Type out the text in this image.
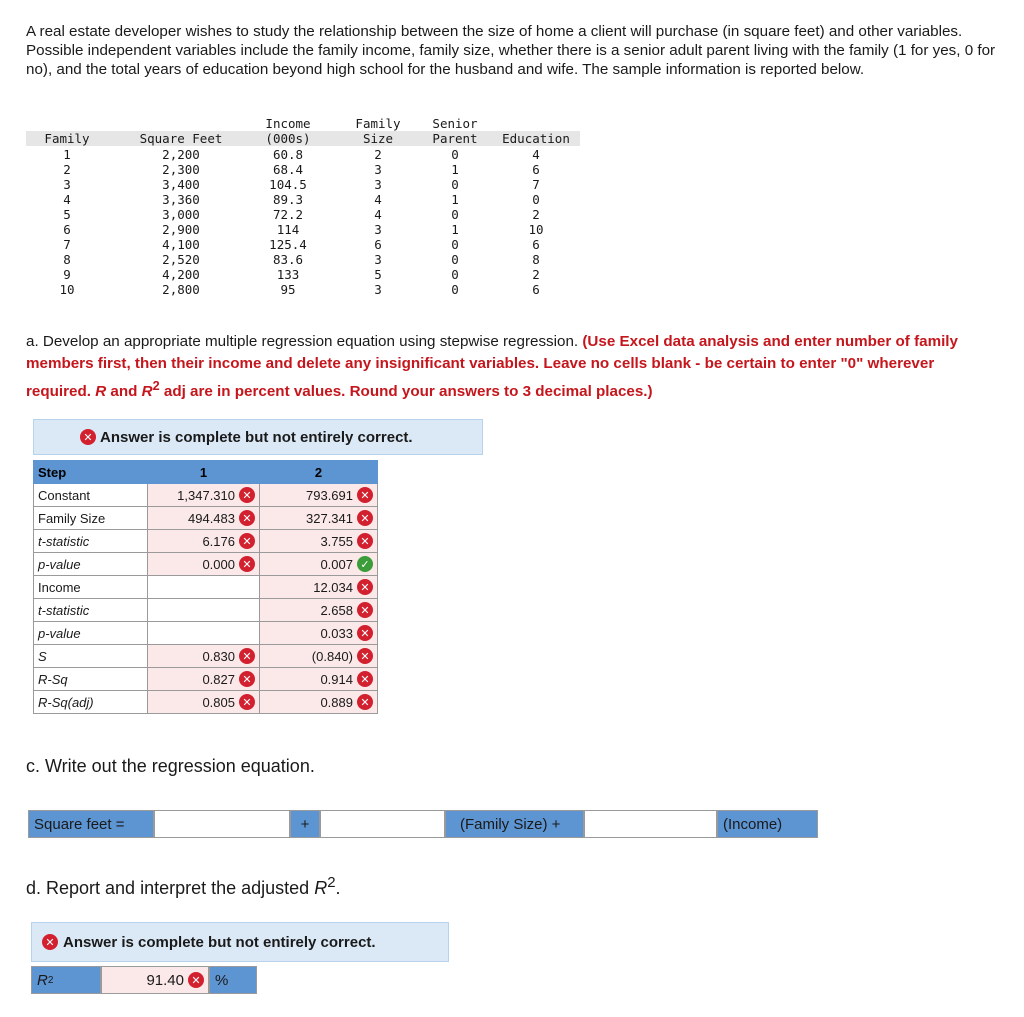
A real estate developer wishes to study the relationship between the size of home a client will purchase (in square feet) and other variables. Possible independent variables include the family income, family size, whether there is a senior adult parent living with the family (1 for yes, 0 for no), and the total years of education beyond high school for the husband and wife. The sample information is reported below.
Income	Family	Senior
Family	Square Feet	(000s)	Size	Parent	Education
1	2,200	60.8	2	0	4
2	2,300	68.4	3	1	6
3	3,400	104.5	3	0	7
4	3,360	89.3	4	1	0
5	3,000	72.2	4	0	2
6	2,900	114	3	1	10
7	4,100	125.4	6	0	6
8	2,520	83.6	3	0	8
9	4,200	133	5	0	2
10	2,800	95	3	0	6
a. Develop an appropriate multiple regression equation using stepwise regression. (Use Excel data analysis and enter number of family members first, then their income and delete any insignificant variables. Leave no cells blank - be certain to enter "0" wherever required. R and $R^2$ adj are in percent values. Round your answers to 3 decimal places.)
✕ Answer is complete but not entirely correct.
Step	1	2
Constant	1,347.310 ✕	793.691 ✕

Family Size	494.483 ✕	327.341 ✕

t-statistic	6.176 ✕	3.755 ✕

p-value	0.000 ✕	0.007 ✓

Income		12.034 ✕

t-statistic		2.658 ✕

p-value		0.033 ✕

S	0.830 ✕	(0.840) ✕

R-Sq	0.827 ✕	0.914 ✕

R-Sq(adj)	0.805 ✕	0.889 ✕
c. Write out the regression equation.
Square feet =	+	(Family Size) +	(Income)
d. Report and interpret the adjusted $R^2$.
✕ Answer is complete but not entirely correct.
R 2	91.40 ✕ %
